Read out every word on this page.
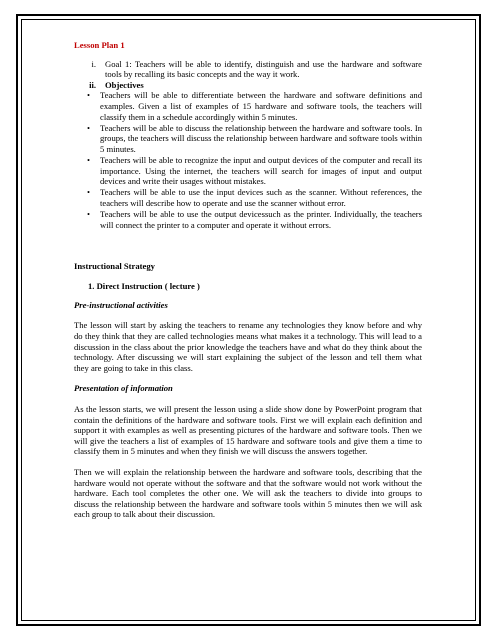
Lesson Plan 1
i.	Goal 1: Teachers will be able to identify, distinguish and use the hardware and software tools by recalling its basic concepts and the way it work.
ii.	Objectives
• Teachers will be able to differentiate between the hardware and software definitions and examples. Given a list of examples of 15 hardware and software tools, the teachers will classify them in a schedule accordingly within 5 minutes.
• Teachers will be able to discuss the relationship between the hardware and software tools. In groups, the teachers will discuss the relationship between hardware and software tools within 5 minutes.
• Teachers will be able to recognize the input and output devices of the computer and recall its importance. Using the internet, the teachers will search for images of input and output devices and write their usages without mistakes.
• Teachers will be able to use the input devices such as the scanner. Without references, the teachers will describe how to operate and use the scanner without error.
• Teachers will be able to use the output devicessuch as the printer. Individually, the teachers will connect the printer to a computer and operate it without errors.
Instructional Strategy
1. Direct Instruction ( lecture )
Pre-instructional activities
The lesson will start by asking the teachers to rename any technologies they know before and why do they think that they are called technologies means what makes it a technology. This will lead to a discussion in the class about the prior knowledge the teachers have and what do they think about the technology. After discussing we will start explaining the subject of the lesson and tell them what they are going to take in this class.
Presentation of information
As the lesson starts, we will present the lesson using a slide show done by PowerPoint program that contain the definitions of the hardware and software tools. First we will explain each definition and support it with examples as well as presenting pictures of the hardware and software tools. Then we will give the teachers a list of examples of 15 hardware and software tools and give them a time to classify them in 5 minutes and when they finish we will discuss the answers together.
Then we will explain the relationship between the hardware and software tools, describing that the hardware would not operate without the software and that the software would not work without the hardware. Each tool completes the other one. We will ask the teachers to divide into groups to discuss the relationship between the hardware and software tools within 5 minutes then we will ask each group to talk about their discussion.
